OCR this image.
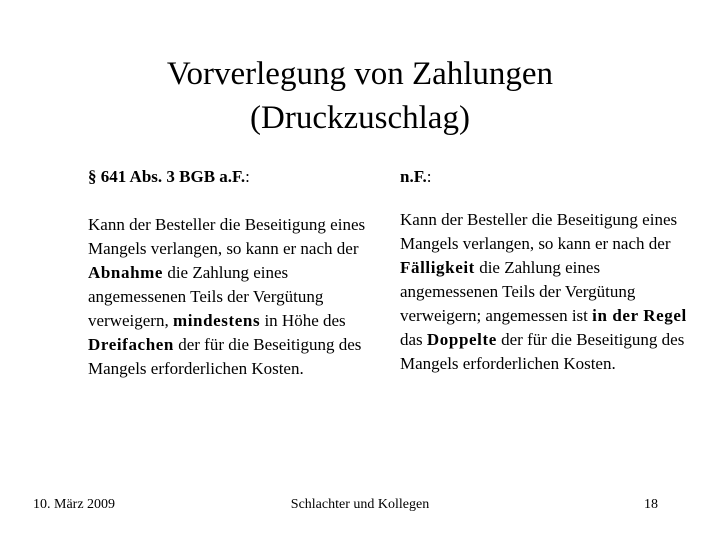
Vorverlegung von Zahlungen
(Druckzuschlag)
§ 641 Abs. 3 BGB a.F.:	n.F.:
Kann der Besteller die Beseitigung eines Mangels verlangen, so kann er nach der Abnahme die Zahlung eines angemessenen Teils der Vergütung verweigern, mindestens in Höhe des Dreifachen der für die Beseitigung des Mangels erforderlichen Kosten.
Kann der Besteller die Beseitigung eines Mangels verlangen, so kann er nach der Fälligkeit die Zahlung eines angemessenen Teils der Vergütung verweigern; angemessen ist in der Regel das Doppelte der für die Beseitigung des Mangels erforderlichen Kosten.
10. März 2009	Schlachter und Kollegen	18
